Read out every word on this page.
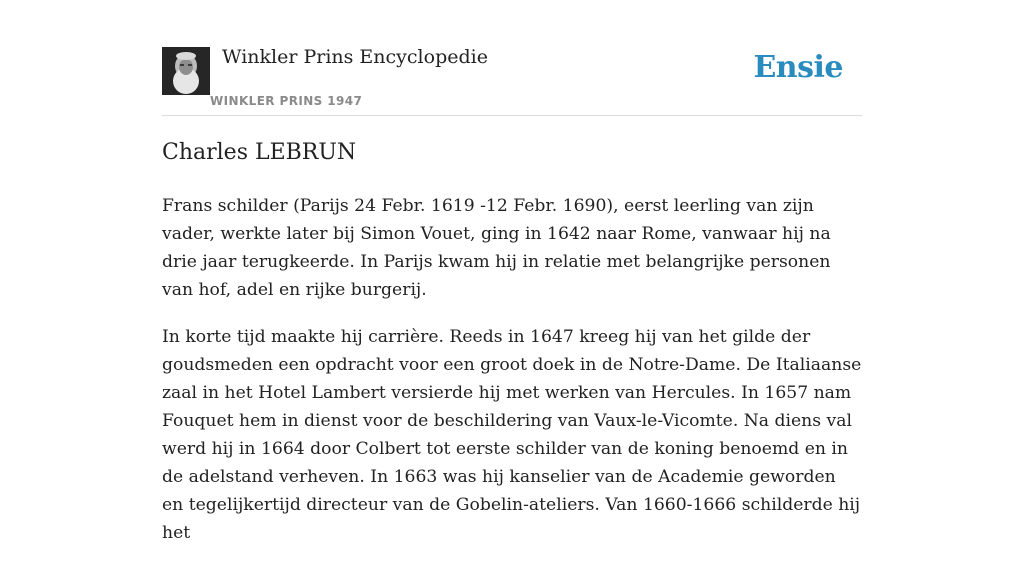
Winkler Prins Encyclopedie
WINKLER PRINS 1947
Ensie
Charles LEBRUN

Frans schilder (Parijs 24 Febr. 1619 -12 Febr. 1690), eerst leerling van zijn vader, werkte later bij Simon Vouet, ging in 1642 naar Rome, vanwaar hij na drie jaar terugkeerde. In Parijs kwam hij in relatie met belangrijke personen van hof, adel en rijke burgerij.

In korte tijd maakte hij carrière. Reeds in 1647 kreeg hij van het gilde der goudsmeden een opdracht voor een groot doek in de Notre-Dame. De Italiaanse zaal in het Hotel Lambert versierde hij met werken van Hercules. In 1657 nam Fouquet hem in dienst voor de beschildering van Vaux-le-Vicomte. Na diens val werd hij in 1664 door Colbert tot eerste schilder van de koning benoemd en in de adelstand verheven. In 1663 was hij kanselier van de Academie geworden en tegelijkertijd directeur van de Gobelin-ateliers. Van 1660-1666 schilderde hij het
